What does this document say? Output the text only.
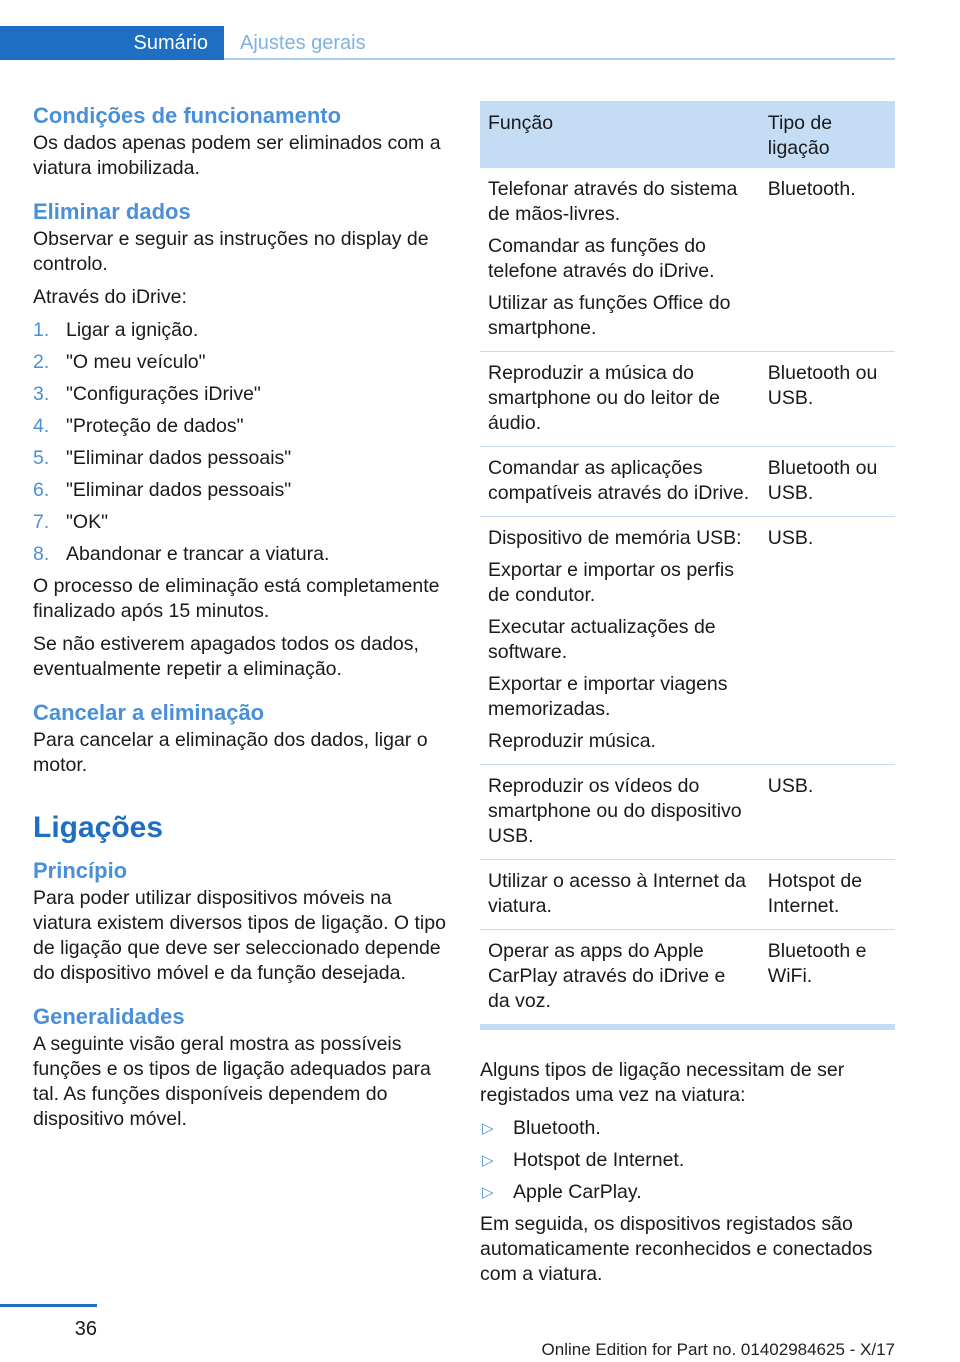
Sumário	Ajustes gerais
Condições de funcionamento

Os dados apenas podem ser eliminados com a viatura imobilizada.

Eliminar dados

Observar e seguir as instruções no display de controlo.

Através do iDrive:

1. Ligar a ignição.
2. "O meu veículo"
3. "Configurações iDrive"
4. "Proteção de dados"
5. "Eliminar dados pessoais"
6. "Eliminar dados pessoais"
7. "OK"
8. Abandonar e trancar a viatura.

O processo de eliminação está completamente finalizado após 15 minutos.

Se não estiverem apagados todos os dados, eventualmente repetir a eliminação.

Cancelar a eliminação

Para cancelar a eliminação dos dados, ligar o motor.

Ligações
Princípio

Para poder utilizar dispositivos móveis na viatura existem diversos tipos de ligação. O tipo de ligação que deve ser seleccionado depende do dispositivo móvel e da função desejada.

Generalidades

A seguinte visão geral mostra as possíveis funções e os tipos de ligação adequados para tal. As funções disponíveis dependem do dispositivo móvel.

Função	Tipo de ligação

Telefonar através do sistema de mãos-livres.
Comandar as funções do telefone através do iDrive.
Utilizar as funções Office do smartphone.	Bluetooth.

Reproduzir a música do smartphone ou do leitor de áudio.	Bluetooth ou USB.

Comandar as aplicações compatíveis através do iDrive.	Bluetooth ou USB.

Dispositivo de memória USB:
Exportar e importar os perfis de condutor.
Executar actualizações de software.
Exportar e importar viagens memorizadas.
Reproduzir música.	USB.

Reproduzir os vídeos do smartphone ou do dispositivo USB.	USB.

Utilizar o acesso à Internet da viatura.	Hotspot de Internet.

Operar as apps do Apple CarPlay através do iDrive e da voz.	Bluetooth e WiFi.

Alguns tipos de ligação necessitam de ser registados uma vez na viatura:

▷ Bluetooth.
▷ Hotspot de Internet.
▷ Apple CarPlay.

Em seguida, os dispositivos registados são automaticamente reconhecidos e conectados com a viatura.

36
Online Edition for Part no. 01402984625 - X/17
